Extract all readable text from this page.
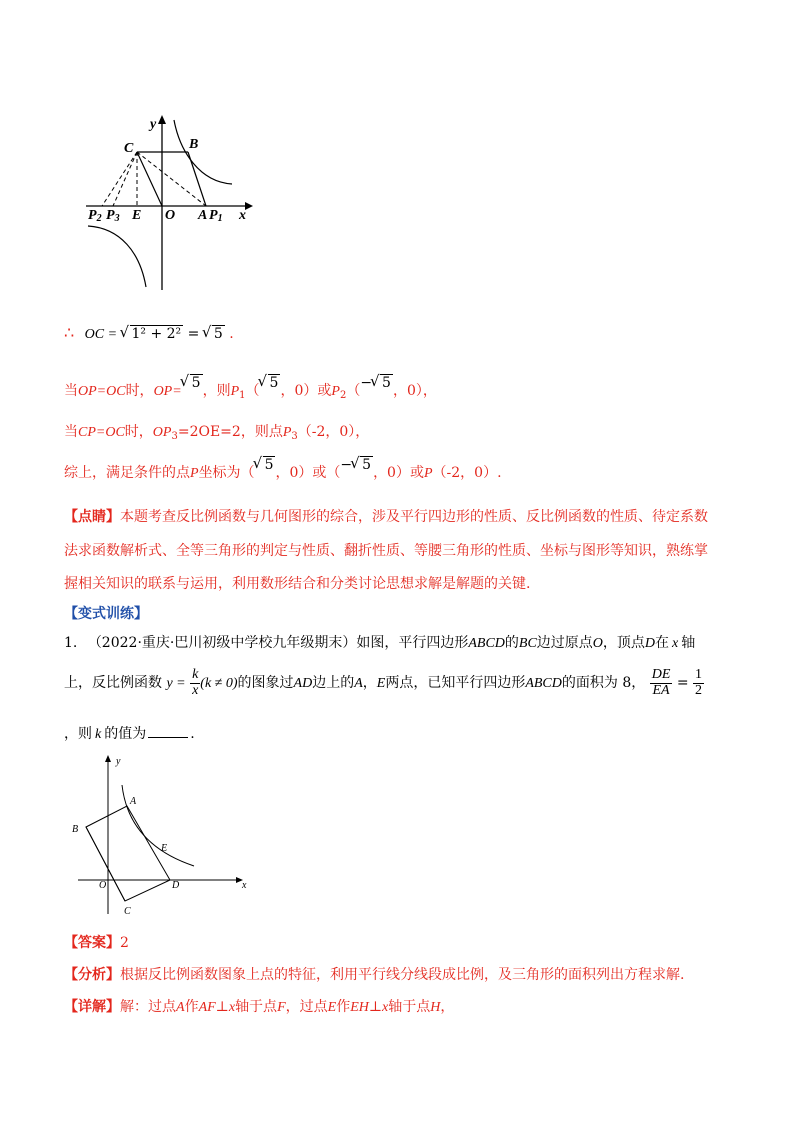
y
C	B
x
P2 P3 E O A P1
∴ OC = √ 1² + 2² = √ 5 .
当OP=OC时，OP=√ 5 ，则$P_1(√$ 5 ，0）或$P_2(-√$ 5 ，0），
当CP=OC时，$OP_3=2OE=2$，则点$P_3(-2$，0），
综上，满足条件的点P坐标为（√ 5 ，0）或（−√ 5 ，0）或P（-2，0）.
【点睛】本题考查反比例函数与几何图形的综合，涉及平行四边形的性质、反比例函数的性质、待定系数
法求函数解析式、全等三角形的判定与性质、翻折性质、等腰三角形的性质、坐标与图形等知识，熟练掌
握相关知识的联系与运用，利用数形结合和分类讨论思想求解是解题的关键.
【变式训练】
1. （2022·重庆·巴川初级中学校九年级期末）如图，平行四边形ABCD的BC边过原点O，顶点D在 x 轴
上，反比例函数 $y = \frac{k}{x} (k \ne 0)$的图象过AD边上的A，E两点，已知平行四边形ABCD的面积为 8， $\frac{DE}{EA} = \frac{1}{2}$
，则 k 的值为	.
y
A
B
E
O	D	x
C
【答案】2
【分析】根据反比例函数图象上点的特征，利用平行线分线段成比例，及三角形的面积列出方程求解.
【详解】解：过点A作AF⊥x轴于点F，过点E作EH⊥x轴于点H，
